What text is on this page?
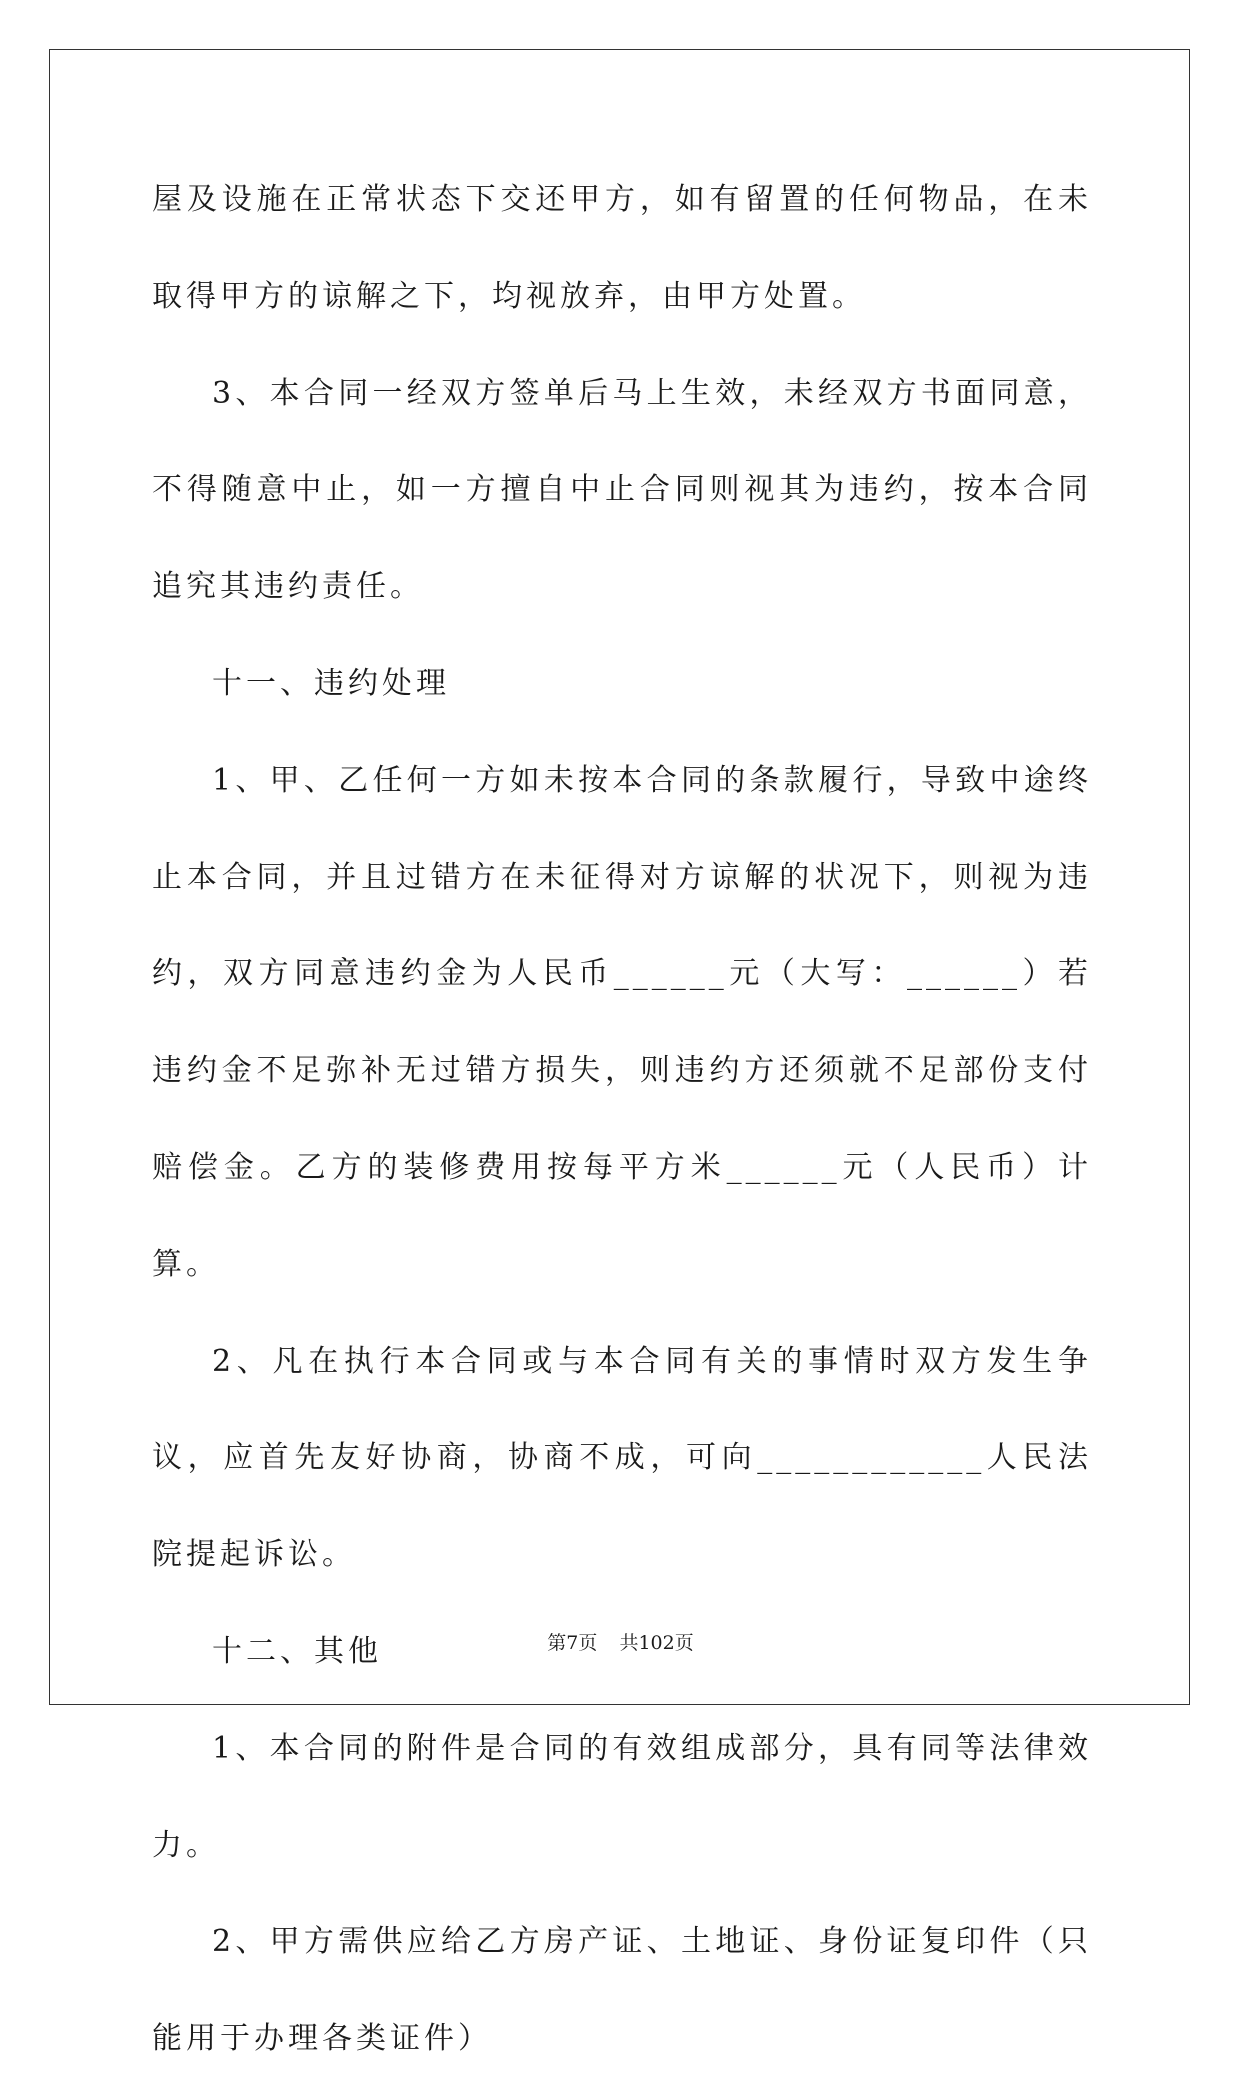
屋及设施在正常状态下交还甲方，如有留置的任何物品，在未取得甲方的谅解之下，均视放弃，由甲方处置。

3、本合同一经双方签单后马上生效，未经双方书面同意，不得随意中止，如一方擅自中止合同则视其为违约，按本合同追究其违约责任。

十一、违约处理

1、甲、乙任何一方如未按本合同的条款履行，导致中途终止本合同，并且过错方在未征得对方谅解的状况下，则视为违约，双方同意违约金为人民币______元（大写：______）若违约金不足弥补无过错方损失，则违约方还须就不足部份支付赔偿金。乙方的装修费用按每平方米______元（人民币）计算。

2、凡在执行本合同或与本合同有关的事情时双方发生争议，应首先友好协商，协商不成，可向____________人民法院提起诉讼。

十二、其他

1、本合同的附件是合同的有效组成部分，具有同等法律效力。

2、甲方需供应给乙方房产证、土地证、身份证复印件（只能用于办理各类证件）

第7页 共102页
